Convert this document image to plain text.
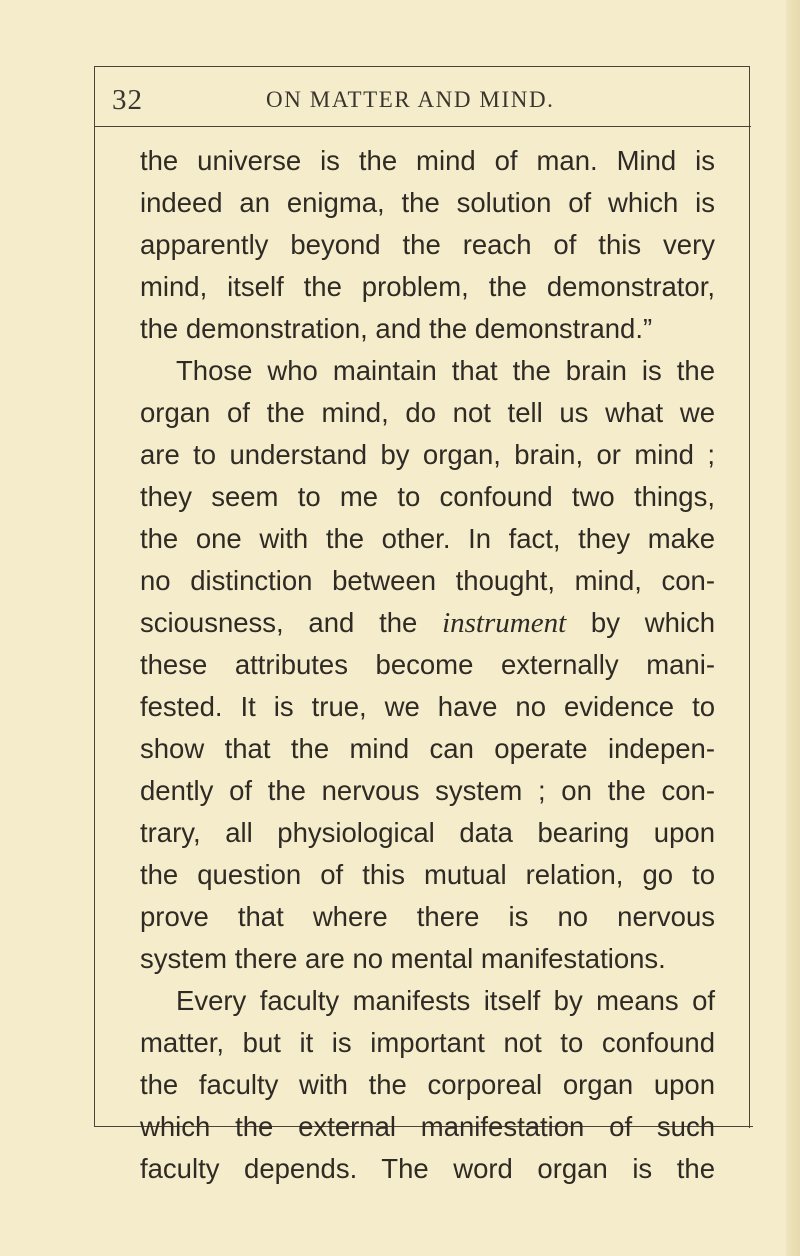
32	ON MATTER AND MIND.
the universe is the mind of man. Mind is
indeed an enigma, the solution of which is
apparently beyond the reach of this very
mind, itself the problem, the demonstrator,
the demonstration, and the demonstrand.”
Those who maintain that the brain is the
organ of the mind, do not tell us what we
are to understand by organ, brain, or mind ;
they seem to me to confound two things,
the one with the other. In fact, they make
no distinction between thought, mind, con-
sciousness, and the instrument by which
these attributes become externally mani-
fested. It is true, we have no evidence to
show that the mind can operate indepen-
dently of the nervous system ; on the con-
trary, all physiological data bearing upon
the question of this mutual relation, go to
prove that where there is no nervous
system there are no mental manifestations.
Every faculty manifests itself by means of
matter, but it is important not to confound
the faculty with the corporeal organ upon
which the external manifestation of such
faculty depends. The word organ is the
